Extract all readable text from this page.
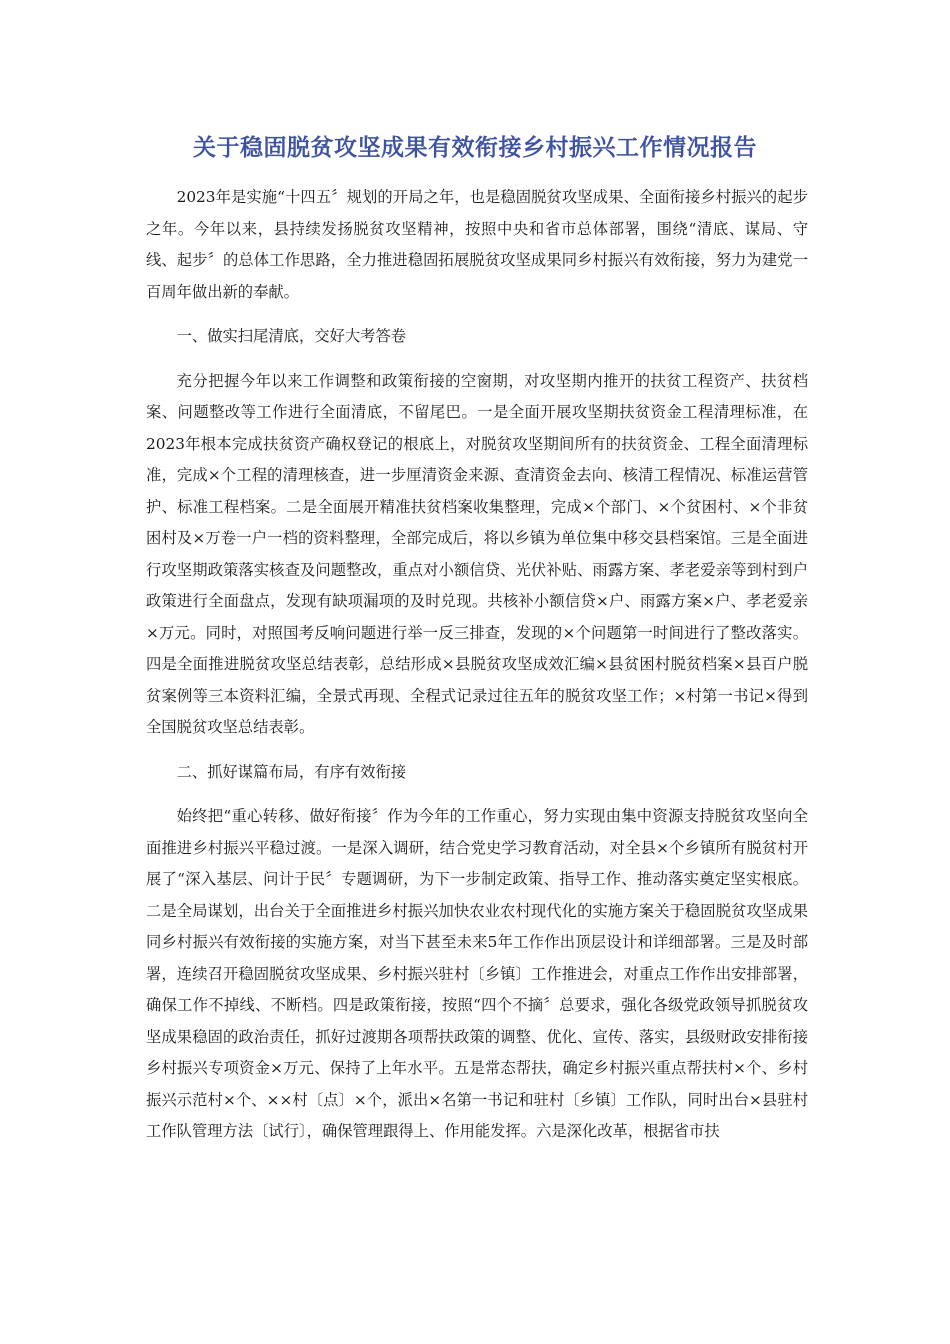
关于稳固脱贫攻坚成果有效衔接乡村振兴工作情况报告

2023年是实施“十四五〞规划的开局之年，也是稳固脱贫攻坚成果、全面衔接乡村振兴的起步之年。今年以来，县持续发扬脱贫攻坚精神，按照中央和省市总体部署，围绕“清底、谋局、守线、起步〞的总体工作思路，全力推进稳固拓展脱贫攻坚成果同乡村振兴有效衔接，努力为建党一百周年做出新的奉献。

一、做实扫尾清底，交好大考答卷

充分把握今年以来工作调整和政策衔接的空窗期，对攻坚期内推开的扶贫工程资产、扶贫档案、问题整改等工作进行全面清底，不留尾巴。一是全面开展攻坚期扶贫资金工程清理标准，在2023年根本完成扶贫资产确权登记的根底上，对脱贫攻坚期间所有的扶贫资金、工程全面清理标准，完成×个工程的清理核查，进一步厘清资金来源、查清资金去向、核清工程情况、标准运营管护、标准工程档案。二是全面展开精准扶贫档案收集整理，完成×个部门、×个贫困村、×个非贫困村及×万卷一户一档的资料整理，全部完成后，将以乡镇为单位集中移交县档案馆。三是全面进行攻坚期政策落实核查及问题整改，重点对小额信贷、光伏补贴、雨露方案、孝老爱亲等到村到户政策进行全面盘点，发现有缺项漏项的及时兑现。共核补小额信贷×户、雨露方案×户、孝老爱亲×万元。同时，对照国考反响问题进行举一反三排查，发现的×个问题第一时间进行了整改落实。四是全面推进脱贫攻坚总结表彰，总结形成×县脱贫攻坚成效汇编×县贫困村脱贫档案×县百户脱贫案例等三本资料汇编，全景式再现、全程式记录过往五年的脱贫攻坚工作；×村第一书记×得到全国脱贫攻坚总结表彰。

二、抓好谋篇布局，有序有效衔接

始终把“重心转移、做好衔接〞作为今年的工作重心，努力实现由集中资源支持脱贫攻坚向全面推进乡村振兴平稳过渡。一是深入调研，结合党史学习教育活动，对全县×个乡镇所有脱贫村开展了“深入基层、问计于民〞专题调研，为下一步制定政策、指导工作、推动落实奠定坚实根底。二是全局谋划，出台关于全面推进乡村振兴加快农业农村现代化的实施方案关于稳固脱贫攻坚成果同乡村振兴有效衔接的实施方案，对当下甚至未来5年工作作出顶层设计和详细部署。三是及时部署，连续召开稳固脱贫攻坚成果、乡村振兴驻村〔乡镇〕工作推进会，对重点工作作出安排部署，确保工作不掉线、不断档。四是政策衔接，按照“四个不摘〞总要求，强化各级党政领导抓脱贫攻坚成果稳固的政治责任，抓好过渡期各项帮扶政策的调整、优化、宣传、落实，县级财政安排衔接乡村振兴专项资金×万元、保持了上年水平。五是常态帮扶，确定乡村振兴重点帮扶村×个、乡村振兴示范村×个、××村〔点〕×个，派出×名第一书记和驻村〔乡镇〕工作队，同时出台×县驻村工作队管理方法〔试行〕，确保管理跟得上、作用能发挥。六是深化改革，根据省市扶
